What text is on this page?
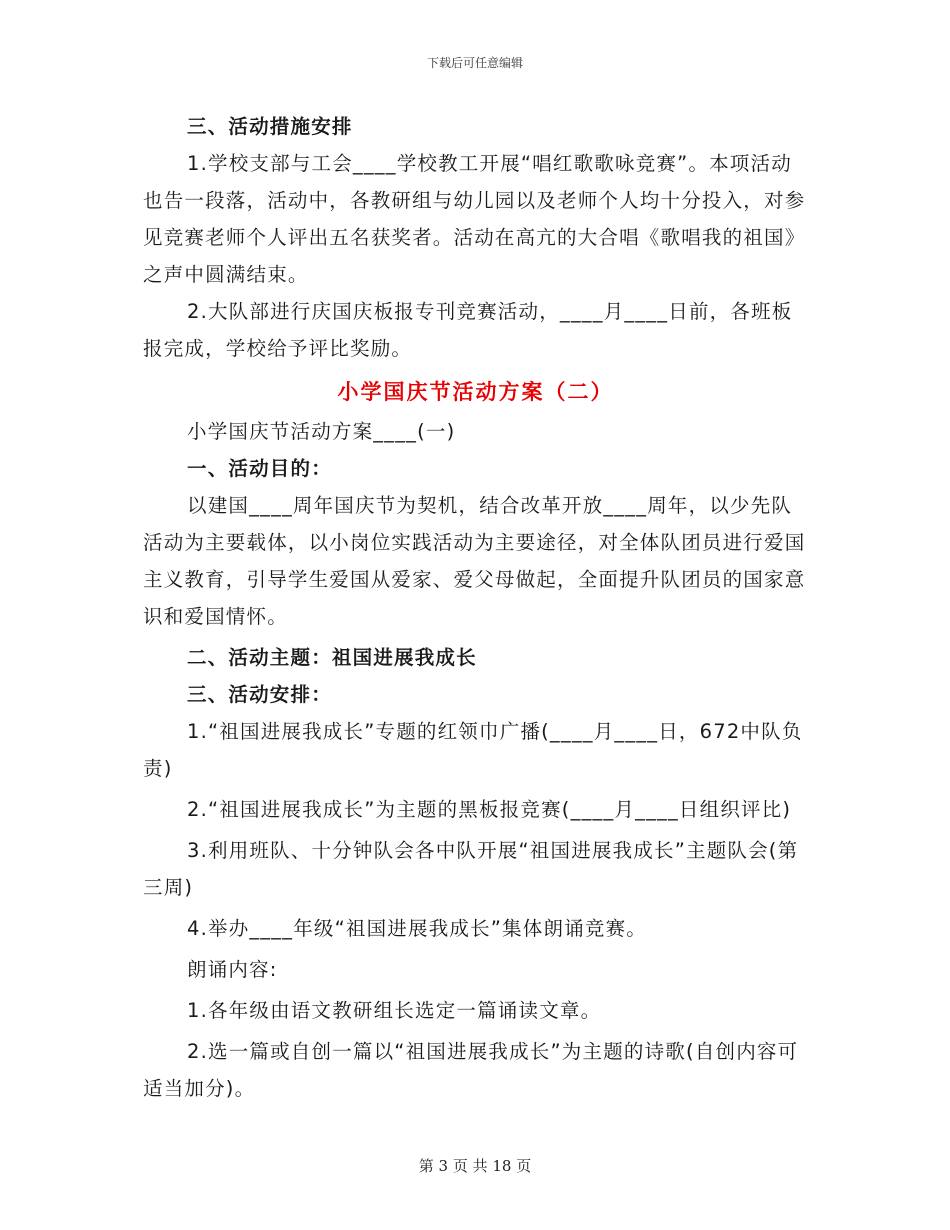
下载后可任意编辑

三、活动措施安排

1.学校支部与工会____学校教工开展“唱红歌歌咏竞赛”。本项活动也告一段落，活动中，各教研组与幼儿园以及老师个人均十分投入，对参见竞赛老师个人评出五名获奖者。活动在高亢的大合唱《歌唱我的祖国》之声中圆满结束。

2.大队部进行庆国庆板报专刊竞赛活动，____月____日前，各班板报完成，学校给予评比奖励。

小学国庆节活动方案（二）

小学国庆节活动方案____(一)

一、活动目的：

以建国____周年国庆节为契机，结合改革开放____周年，以少先队活动为主要载体，以小岗位实践活动为主要途径，对全体队团员进行爱国主义教育，引导学生爱国从爱家、爱父母做起，全面提升队团员的国家意识和爱国情怀。

二、活动主题：祖国进展我成长

三、活动安排：

1.“祖国进展我成长”专题的红领巾广播(____月____日，672中队负责)

2.“祖国进展我成长”为主题的黑板报竞赛(____月____日组织评比)

3.利用班队、十分钟队会各中队开展“祖国进展我成长”主题队会(第三周)

4.举办____年级“祖国进展我成长”集体朗诵竞赛。

朗诵内容:

1.各年级由语文教研组长选定一篇诵读文章。

2.选一篇或自创一篇以“祖国进展我成长”为主题的诗歌(自创内容可适当加分)。

第 3 页 共 18 页
